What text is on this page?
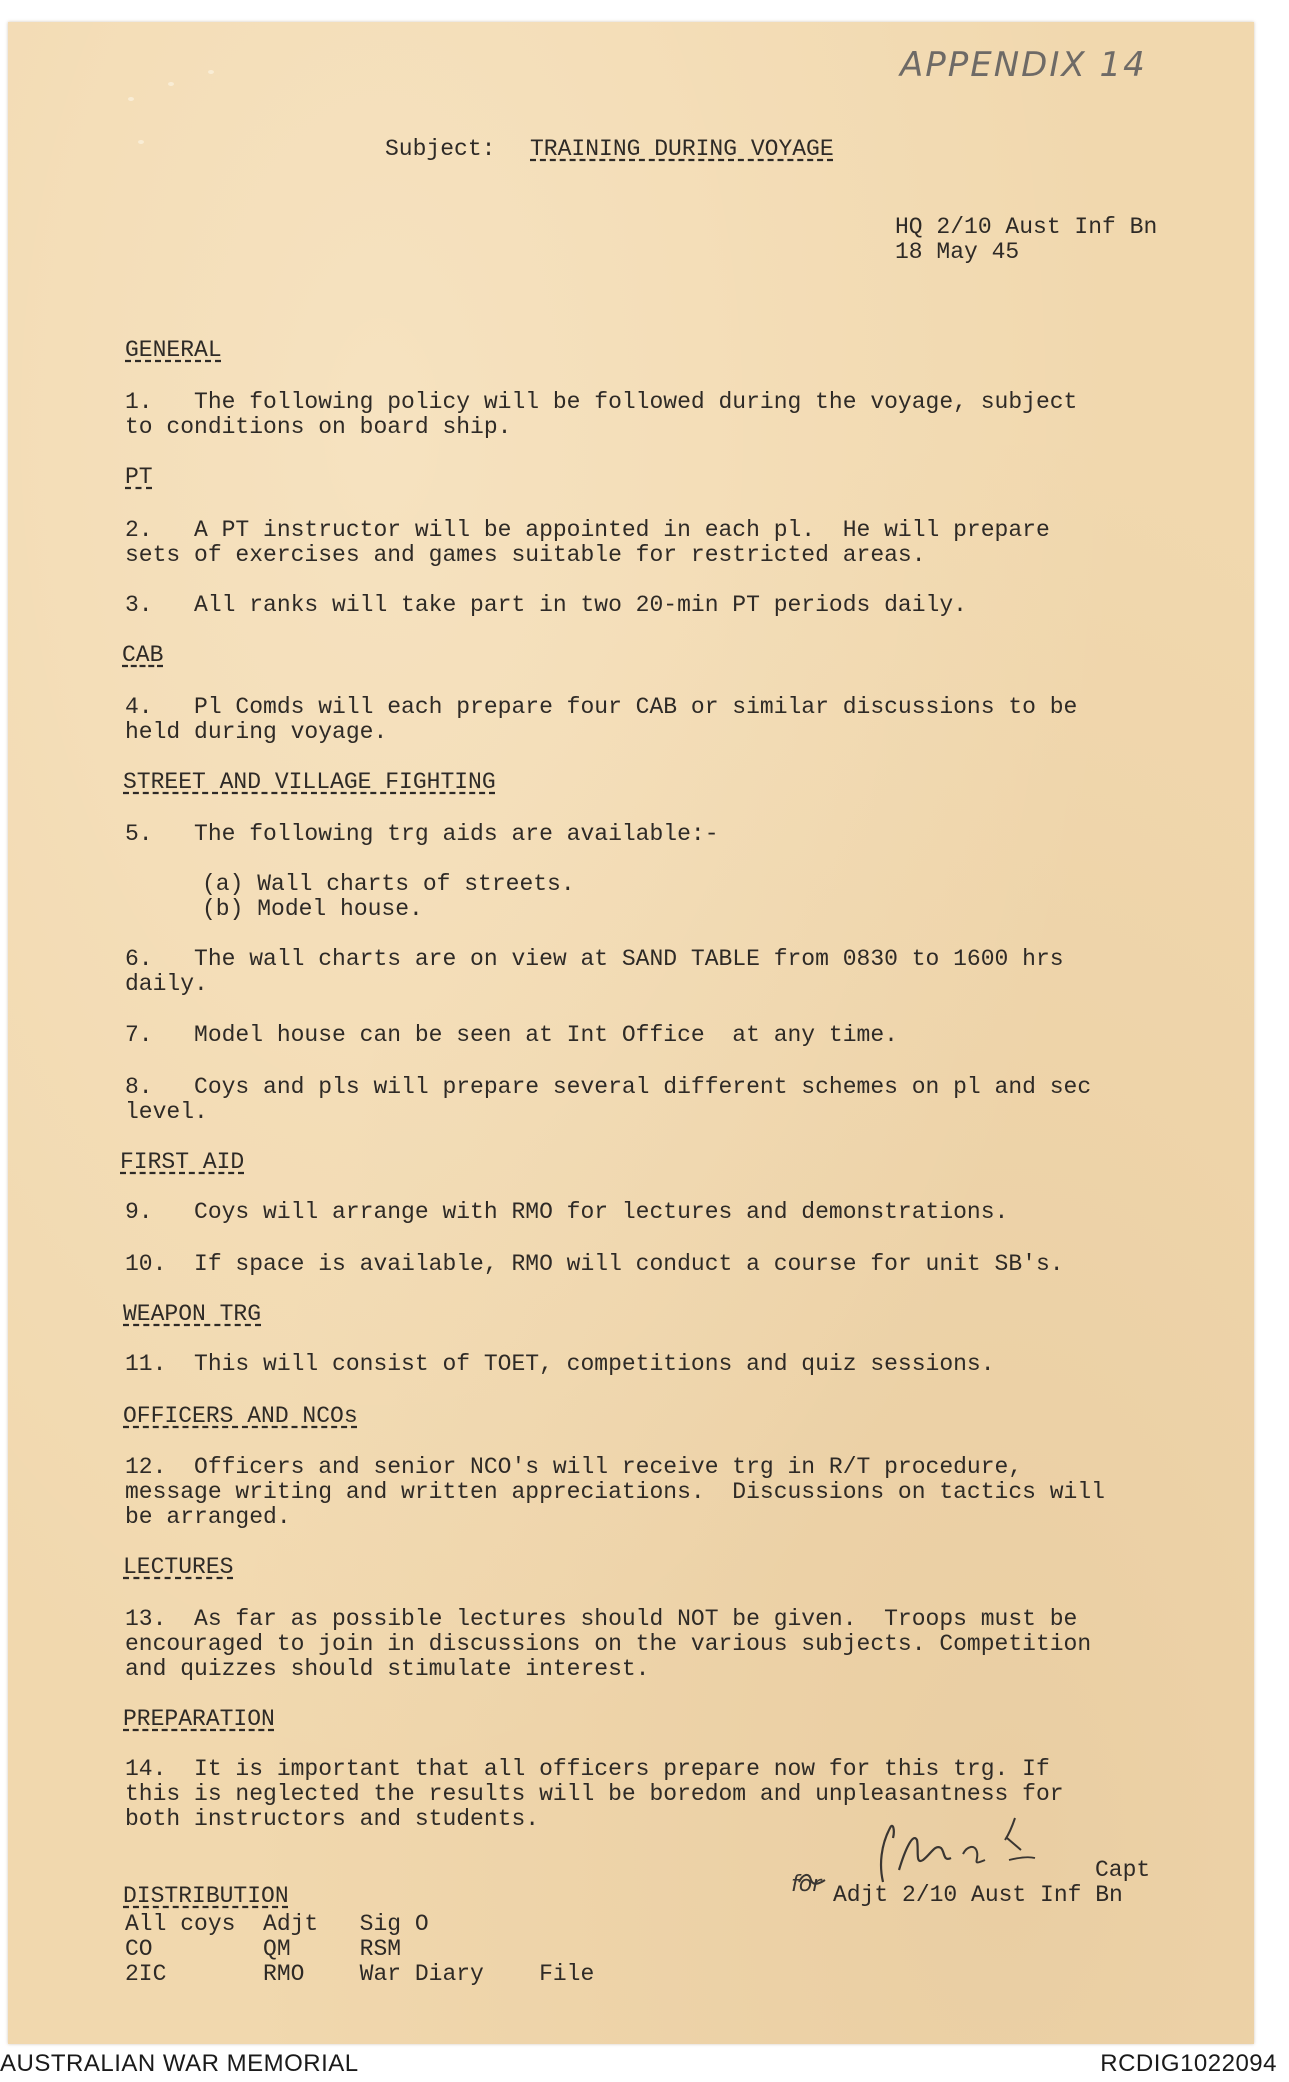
APPENDIX 14

Subject: TRAINING DURING VOYAGE

HQ 2/10 Aust Inf Bn

18 May 45

GENERAL

1.   The following policy will be followed during the voyage, subject

to conditions on board ship.

PT

2.   A PT instructor will be appointed in each pl.  He will prepare

sets of exercises and games suitable for restricted areas.

3.   All ranks will take part in two 20-min PT periods daily.

CAB

4.   Pl Comds will each prepare four CAB or similar discussions to be

held during voyage.

STREET AND VILLAGE FIGHTING

5.   The following trg aids are available:-

(a) Wall charts of streets.

(b) Model house.

6.   The wall charts are on view at SAND TABLE from 0830 to 1600 hrs

daily.

7.   Model house can be seen at Int Office  at any time.

8.   Coys and pls will prepare several different schemes on pl and sec

level.

FIRST AID

9.   Coys will arrange with RMO for lectures and demonstrations.

10.  If space is available, RMO will conduct a course for unit SB's.

WEAPON TRG

11.  This will consist of TOET, competitions and quiz sessions.

OFFICERS AND NCOs

12.  Officers and senior NCO's will receive trg in R/T procedure,

message writing and written appreciations.  Discussions on tactics will

be arranged.

LECTURES

13.  As far as possible lectures should NOT be given.  Troops must be

encouraged to join in discussions on the various subjects. Competition

and quizzes should stimulate interest.

PREPARATION

14.  It is important that all officers prepare now for this trg. If

this is neglected the results will be boredom and unpleasantness for

both instructors and students.

Capt

Adjt 2/10 Aust Inf Bn

for

DISTRIBUTION

All coys  Adjt   Sig O

CO        QM     RSM

2IC       RMO    War Diary    File

AUSTRALIAN WAR MEMORIAL	RCDIG1022094
